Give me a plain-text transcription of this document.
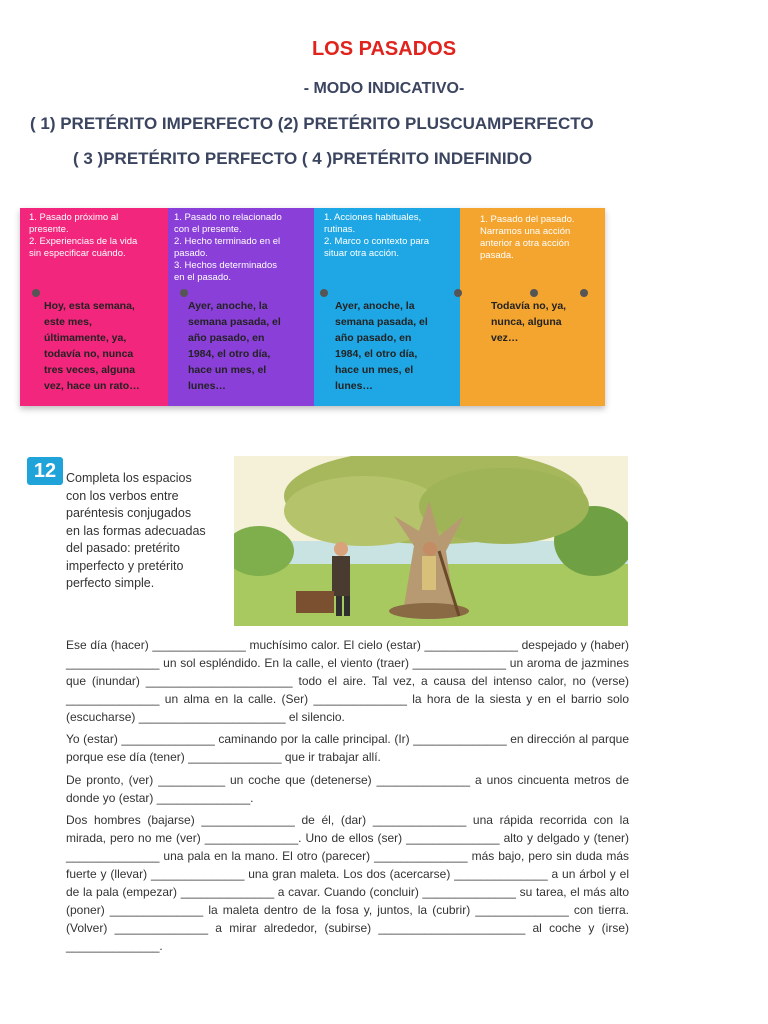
LOS PASADOS
- MODO INDICATIVO-
( 1) PRETÉRITO IMPERFECTO (2) PRETÉRITO PLUSCUAMPERFECTO
( 3 )PRETÉRITO PERFECTO ( 4 )PRETÉRITO INDEFINIDO
1. Pasado próximo al
presente.
2. Experiencias de la vida
sin especificar cuándo.
Hoy, esta semana,
este mes,
últimamente, ya,
todavía no, nunca
tres veces, alguna
vez, hace un rato…
1. Pasado no relacionado
con el presente.
2. Hecho terminado en el
pasado.
3. Hechos determinados
en el pasado.
Ayer, anoche, la
semana pasada, el
año pasado, en
1984, el otro día,
hace un mes, el
lunes…
1. Acciones habituales,
rutinas.
2. Marco o contexto para
situar otra acción.
Ayer, anoche, la
semana pasada, el
año pasado, en
1984, el otro día,
hace un mes, el
lunes…
1. Pasado del pasado.
Narramos una acción
anterior a otra acción
pasada.
Todavía no, ya,
nunca, alguna
vez…
12 Completa los espacios
con los verbos entre
paréntesis conjugados
en las formas adecuadas
del pasado: pretérito
imperfecto y pretérito
perfecto simple.
Ese día (hacer) ______________ muchísimo calor. El cielo (estar) ______________ despejado y (haber) ______________ un sol espléndido. En la calle, el viento (traer) ______________ un aroma de jazmines que (inundar) ______________________ todo el aire. Tal vez, a causa del intenso calor, no (verse) ______________ un alma en la calle. (Ser) ______________ la hora de la siesta y en el barrio solo (escucharse) ______________________ el silencio.
Yo (estar) ______________ caminando por la calle principal. (Ir) ______________ en dirección al parque porque ese día (tener) ______________ que ir trabajar allí.
De pronto, (ver) __________ un coche que (detenerse) ______________ a unos cincuenta metros de donde yo (estar) ______________.
Dos hombres (bajarse) ______________ de él, (dar) ______________ una rápida recorrida con la mirada, pero no me (ver) ______________. Uno de ellos (ser) ______________ alto y delgado y (tener) ______________ una pala en la mano. El otro (parecer) ______________ más bajo, pero sin duda más fuerte y (llevar) ______________ una gran maleta. Los dos (acercarse) ______________ a un árbol y el de la pala (empezar) ______________ a cavar. Cuando (concluir) ______________ su tarea, el más alto (poner) ______________ la maleta dentro de la fosa y, juntos, la (cubrir) ______________ con tierra. (Volver) ______________ a mirar alrededor, (subirse) ______________________ al coche y (irse) ______________.
